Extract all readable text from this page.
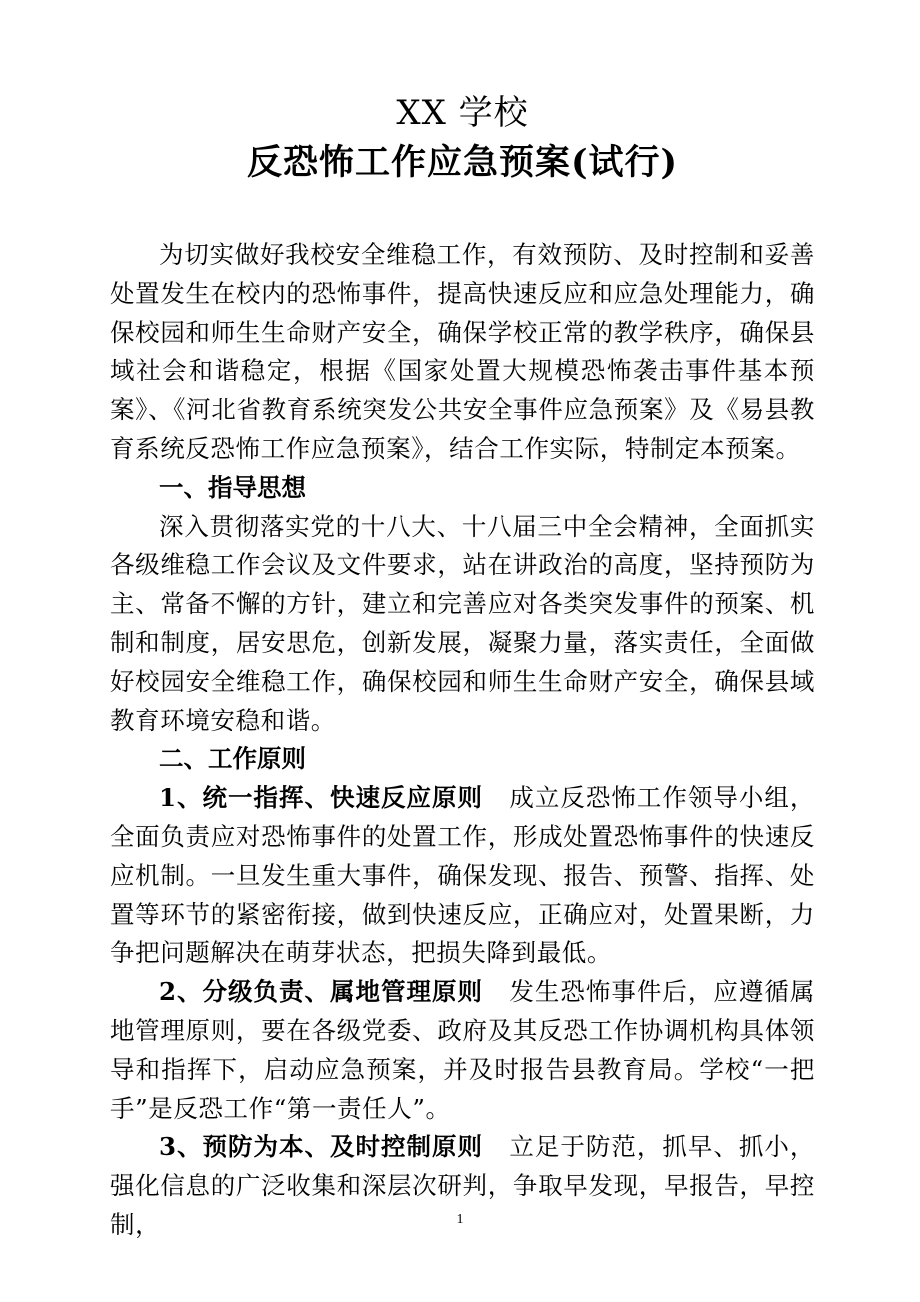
XX 学校
反恐怖工作应急预案(试行)

为切实做好我校安全维稳工作，有效预防、及时控制和妥善处置发生在校内的恐怖事件，提高快速反应和应急处理能力，确保校园和师生生命财产安全，确保学校正常的教学秩序，确保县域社会和谐稳定，根据《国家处置大规模恐怖袭击事件基本预案》、《河北省教育系统突发公共安全事件应急预案》及《易县教育系统反恐怖工作应急预案》，结合工作实际，特制定本预案。

一、指导思想

深入贯彻落实党的十八大、十八届三中全会精神，全面抓实各级维稳工作会议及文件要求，站在讲政治的高度，坚持预防为主、常备不懈的方针，建立和完善应对各类突发事件的预案、机制和制度，居安思危，创新发展，凝聚力量，落实责任，全面做好校园安全维稳工作，确保校园和师生生命财产安全，确保县域教育环境安稳和谐。

二、工作原则

1、统一指挥、快速反应原则 成立反恐怖工作领导小组，全面负责应对恐怖事件的处置工作，形成处置恐怖事件的快速反应机制。一旦发生重大事件，确保发现、报告、预警、指挥、处置等环节的紧密衔接，做到快速反应，正确应对，处置果断，力争把问题解决在萌芽状态，把损失降到最低。

2、分级负责、属地管理原则 发生恐怖事件后，应遵循属地管理原则，要在各级党委、政府及其反恐工作协调机构具体领导和指挥下，启动应急预案，并及时报告县教育局。学校“一把手”是反恐工作“第一责任人”。

3、预防为本、及时控制原则 立足于防范，抓早、抓小，强化信息的广泛收集和深层次研判，争取早发现，早报告，早控制，	1
